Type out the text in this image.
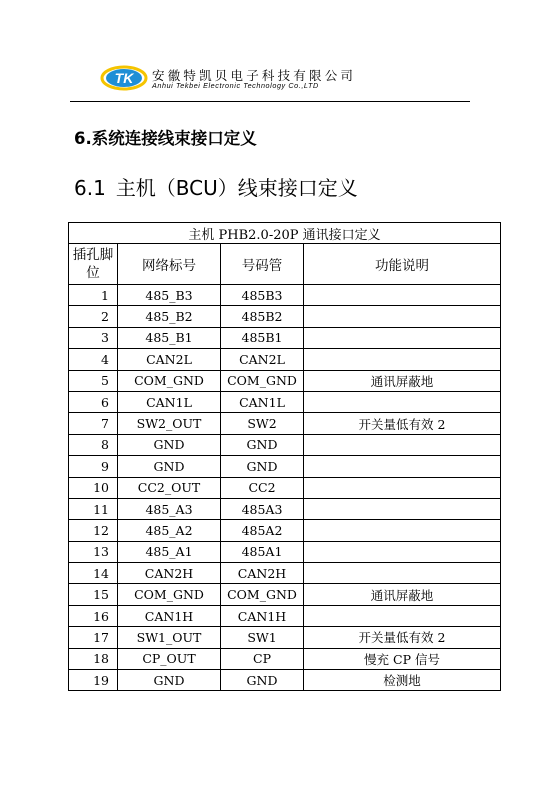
TK 安徽特凯贝电子科技有限公司
Anhui Tekbei Electronic Technology Co.,LTD
6.系统连接线束接口定义
6.1 主机（BCU）线束接口定义
主机 PHB2.0-20P 通讯接口定义			
插孔脚位	网络标号	号码管	功能说明
1	485_B3	485B3	
2	485_B2	485B2	
3	485_B1	485B1	
4	CAN2L	CAN2L	
5	COM_GND	COM_GND	通讯屏蔽地
6	CAN1L	CAN1L	
7	SW2_OUT	SW2	开关量低有效 2
8	GND	GND	
9	GND	GND	
10	CC2_OUT	CC2	
11	485_A3	485A3	
12	485_A2	485A2	
13	485_A1	485A1	
14	CAN2H	CAN2H	
15	COM_GND	COM_GND	通讯屏蔽地
16	CAN1H	CAN1H	
17	SW1_OUT	SW1	开关量低有效 2
18	CP_OUT	CP	慢充 CP 信号
19	GND	GND	检测地
